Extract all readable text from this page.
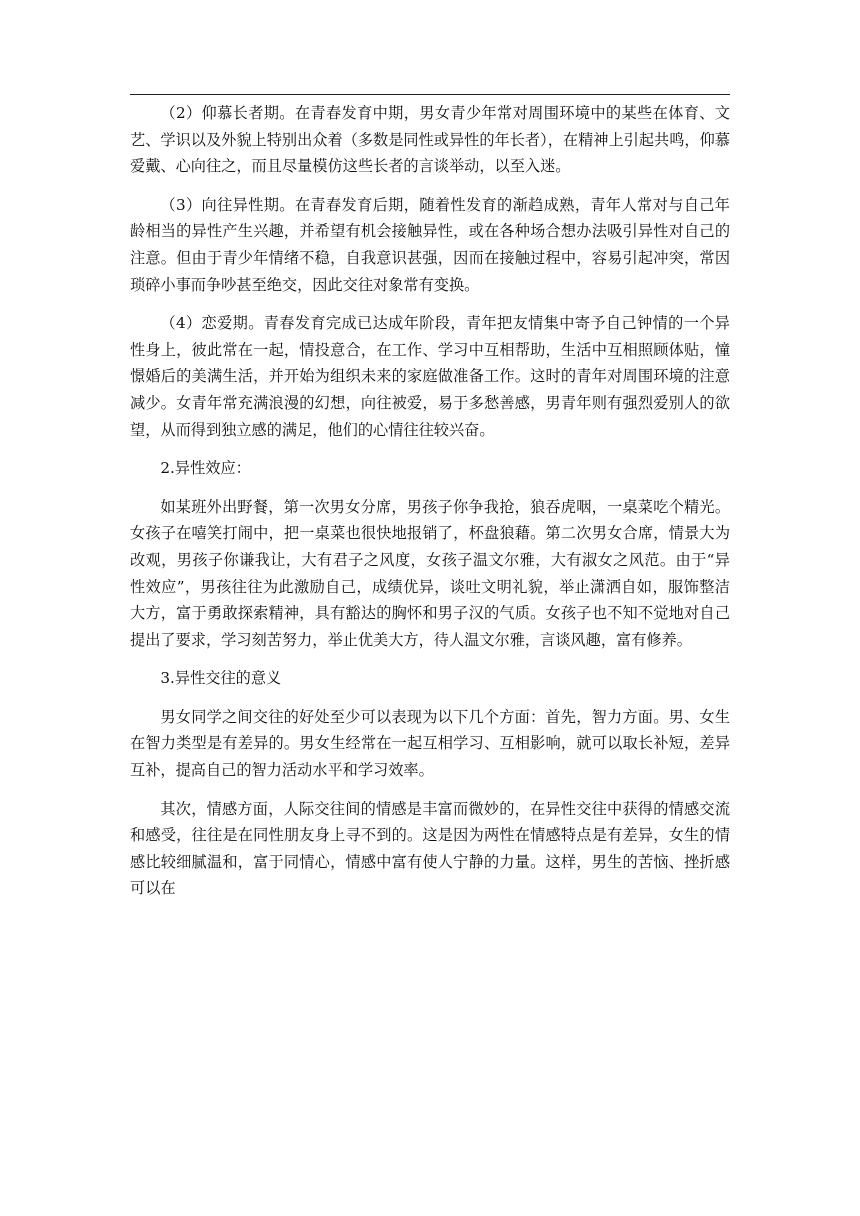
（2）仰慕长者期。在青春发育中期，男女青少年常对周围环境中的某些在体育、文艺、学识以及外貌上特别出众着（多数是同性或异性的年长者），在精神上引起共鸣，仰慕爱戴、心向往之，而且尽量模仿这些长者的言谈举动，以至入迷。

（3）向往异性期。在青春发育后期，随着性发育的渐趋成熟，青年人常对与自己年龄相当的异性产生兴趣，并希望有机会接触异性，或在各种场合想办法吸引异性对自己的注意。但由于青少年情绪不稳，自我意识甚强，因而在接触过程中，容易引起冲突，常因琐碎小事而争吵甚至绝交，因此交往对象常有变换。

（4）恋爱期。青春发育完成已达成年阶段，青年把友情集中寄予自己钟情的一个异性身上，彼此常在一起，情投意合，在工作、学习中互相帮助，生活中互相照顾体贴，憧憬婚后的美满生活，并开始为组织未来的家庭做准备工作。这时的青年对周围环境的注意减少。女青年常充满浪漫的幻想，向往被爱，易于多愁善感，男青年则有强烈爱别人的欲望，从而得到独立感的满足，他们的心情往往较兴奋。

2.异性效应：

如某班外出野餐，第一次男女分席，男孩子你争我抢，狼吞虎咽，一桌菜吃个精光。女孩子在嘻笑打闹中，把一桌菜也很快地报销了，杯盘狼藉。第二次男女合席，情景大为改观，男孩子你谦我让，大有君子之风度，女孩子温文尔雅，大有淑女之风范。由于“异性效应”，男孩往往为此激励自己，成绩优异，谈吐文明礼貌，举止潇洒自如，服饰整洁大方，富于勇敢探索精神，具有豁达的胸怀和男子汉的气质。女孩子也不知不觉地对自己提出了要求，学习刻苦努力，举止优美大方，待人温文尔雅，言谈风趣，富有修养。

3.异性交往的意义

男女同学之间交往的好处至少可以表现为以下几个方面：首先，智力方面。男、女生在智力类型是有差异的。男女生经常在一起互相学习、互相影响，就可以取长补短，差异互补，提高自己的智力活动水平和学习效率。

其次，情感方面，人际交往间的情感是丰富而微妙的，在异性交往中获得的情感交流和感受，往往是在同性朋友身上寻不到的。这是因为两性在情感特点是有差异，女生的情感比较细腻温和，富于同情心，情感中富有使人宁静的力量。这样，男生的苦恼、挫折感可以在
